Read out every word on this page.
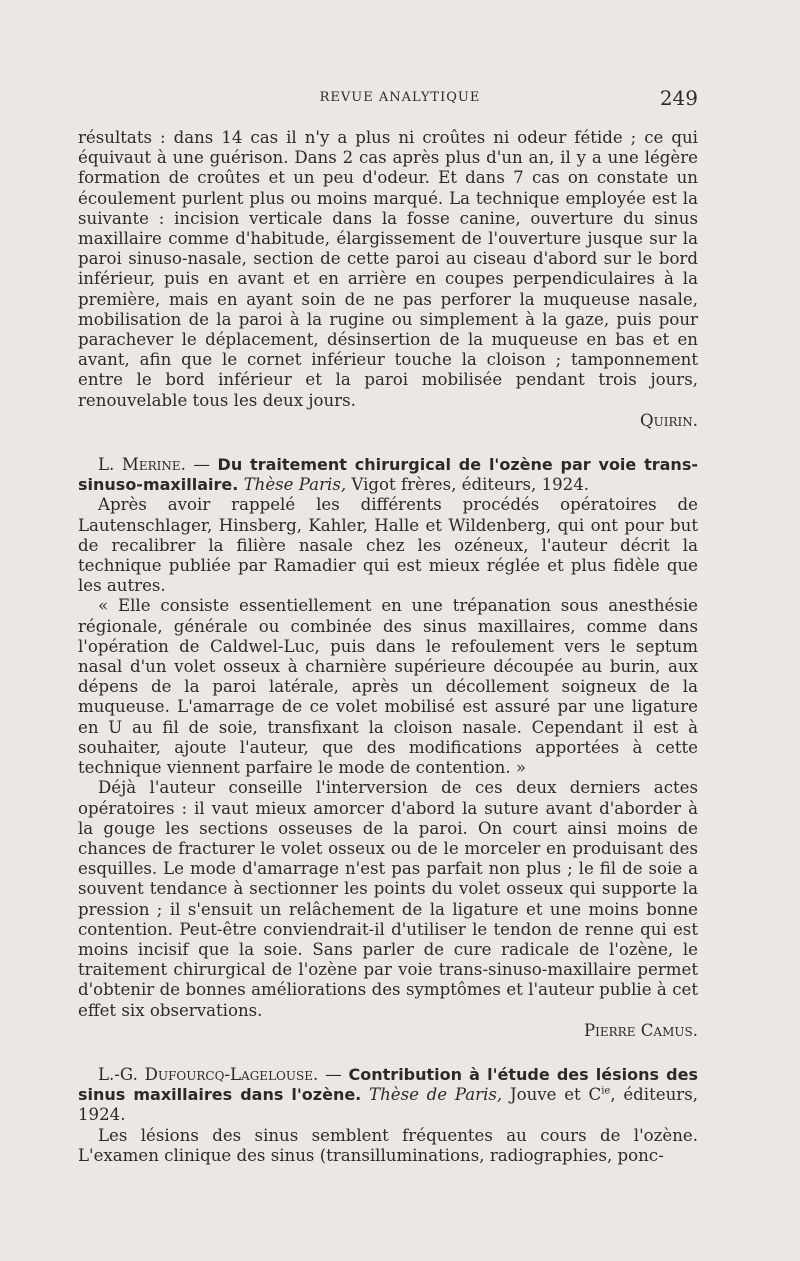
REVUE ANALYTIQUE	249

résultats : dans 14 cas il n'y a plus ni croûtes ni odeur fétide ; ce qui équivaut à une guérison. Dans 2 cas après plus d'un an, il y a une légère formation de croûtes et un peu d'odeur. Et dans 7 cas on constate un écoulement purlent plus ou moins marqué. La technique employée est la suivante : incision verticale dans la fosse canine, ouverture du sinus maxillaire comme d'habitude, élargissement de l'ouverture jusque sur la paroi sinuso-nasale, section de cette paroi au ciseau d'abord sur le bord inférieur, puis en avant et en arrière en coupes perpendiculaires à la première, mais en ayant soin de ne pas perforer la muqueuse nasale, mobilisation de la paroi à la rugine ou simplement à la gaze, puis pour parachever le déplacement, désinsertion de la muqueuse en bas et en avant, afin que le cornet inférieur touche la cloison ; tamponnement entre le bord inférieur et la paroi mobilisée pendant trois jours, renouvelable tous les deux jours.

Quirin.

L. Merine. — Du traitement chirurgical de l'ozène par voie trans-sinuso-maxillaire. Thèse Paris, Vigot frères, éditeurs, 1924.

Après avoir rappelé les différents procédés opératoires de Lautenschlager, Hinsberg, Kahler, Halle et Wildenberg, qui ont pour but de recalibrer la filière nasale chez les ozéneux, l'auteur décrit la technique publiée par Ramadier qui est mieux réglée et plus fidèle que les autres.

« Elle consiste essentiellement en une trépanation sous anesthésie régionale, générale ou combinée des sinus maxillaires, comme dans l'opération de Caldwel-Luc, puis dans le refoulement vers le septum nasal d'un volet osseux à charnière supérieure découpée au burin, aux dépens de la paroi latérale, après un décollement soigneux de la muqueuse. L'amarrage de ce volet mobilisé est assuré par une ligature en U au fil de soie, transfixant la cloison nasale. Cependant il est à souhaiter, ajoute l'auteur, que des modifications apportées à cette technique viennent parfaire le mode de contention. »

Déjà l'auteur conseille l'interversion de ces deux derniers actes opératoires : il vaut mieux amorcer d'abord la suture avant d'aborder à la gouge les sections osseuses de la paroi. On court ainsi moins de chances de fracturer le volet osseux ou de le morceler en produisant des esquilles. Le mode d'amarrage n'est pas parfait non plus ; le fil de soie a souvent tendance à sectionner les points du volet osseux qui supporte la pression ; il s'ensuit un relâchement de la ligature et une moins bonne contention. Peut-être conviendrait-il d'utiliser le tendon de renne qui est moins incisif que la soie. Sans parler de cure radicale de l'ozène, le traitement chirurgical de l'ozène par voie trans-sinuso-maxillaire permet d'obtenir de bonnes améliorations des symptômes et l'auteur publie à cet effet six observations.

Pierre Camus.

L.-G. Dufourcq-Lagelouse. — Contribution à l'étude des lésions des sinus maxillaires dans l'ozène. Thèse de Paris, Jouve et $C^{ie}$, éditeurs, 1924.

Les lésions des sinus semblent fréquentes au cours de l'ozène. L'examen clinique des sinus (transilluminations, radiographies, ponc-
